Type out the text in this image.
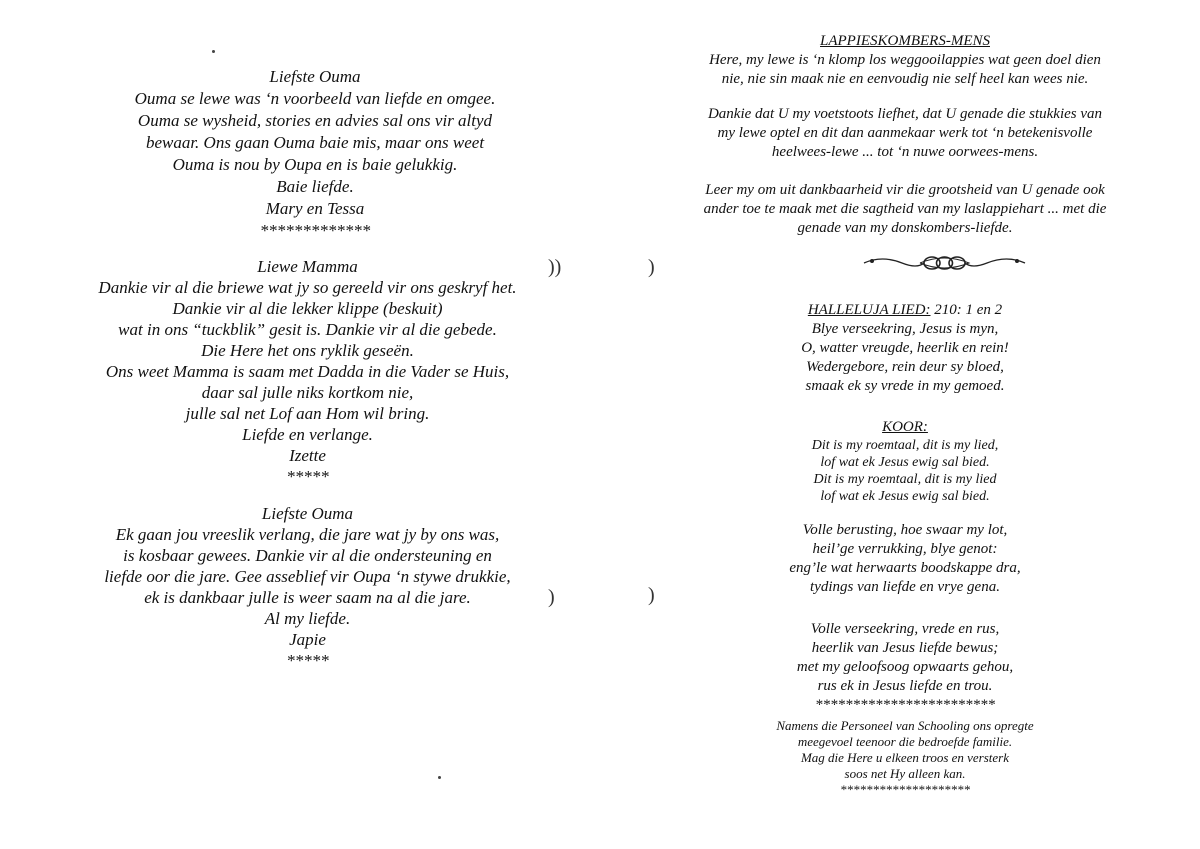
Liefste Ouma
Ouma se lewe was ‘n voorbeeld van liefde en omgee.
Ouma se wysheid, stories en advies sal ons vir altyd
bewaar. Ons gaan Ouma baie mis, maar ons weet
Ouma is nou by Oupa en is baie gelukkig.
Baie liefde.
Mary en Tessa
*************
Liewe Mamma
Dankie vir al die briewe wat jy so gereeld vir ons geskryf het.
Dankie vir al die lekker klippe (beskuit)
wat in ons “tuckblik” gesit is. Dankie vir al die gebede.
Die Here het ons ryklik geseën.
Ons weet Mamma is saam met Dadda in die Vader se Huis,
daar sal julle niks kortkom nie,
julle sal net Lof aan Hom wil bring.
Liefde en verlange.
Izette
*****
Liefste Ouma
Ek gaan jou vreeslik verlang, die jare wat jy by ons was,
is kosbaar gewees. Dankie vir al die ondersteuning en
liefde oor die jare. Gee asseblief vir Oupa ‘n stywe drukkie,
ek is dankbaar julle is weer saam na al die jare.
Al my liefde.
Japie
*****
))
)
LAPPIESKOMBERS-MENS
Here, my lewe is ‘n klomp los weggooilappies wat geen doel dien
nie, nie sin maak nie en eenvoudig nie self heel kan wees nie.
Dankie dat U my voetstoots liefhet, dat U genade die stukkies van
my lewe optel en dit dan aanmekaar werk tot ‘n betekenisvolle
heelwees-lewe ... tot ‘n nuwe oorwees-mens.
Leer my om uit dankbaarheid vir die grootsheid van U genade ook
ander toe te maak met die sagtheid van my laslappiehart ... met die
genade van my donskombers-liefde.
HALLELUJA LIED: 210: 1 en 2
Blye verseekring, Jesus is myn,
O, watter vreugde, heerlik en rein!
Wedergebore, rein deur sy bloed,
smaak ek sy vrede in my gemoed.
KOOR:
Dit is my roemtaal, dit is my lied,
lof wat ek Jesus ewig sal bied.
Dit is my roemtaal, dit is my lied
lof wat ek Jesus ewig sal bied.
Volle berusting, hoe swaar my lot,
heil’ge verrukking, blye genot:
eng’le wat herwaarts boodskappe dra,
tydings van liefde en vrye gena.
Volle verseekring, vrede en rus,
heerlik van Jesus liefde bewus;
met my geloofsoog opwaarts gehou,
rus ek in Jesus liefde en trou.
************************
Namens die Personeel van Schooling ons opregte
meegevoel teenoor die bedroefde familie.
Mag die Here u elkeen troos en versterk
soos net Hy alleen kan.
********************
)
)
